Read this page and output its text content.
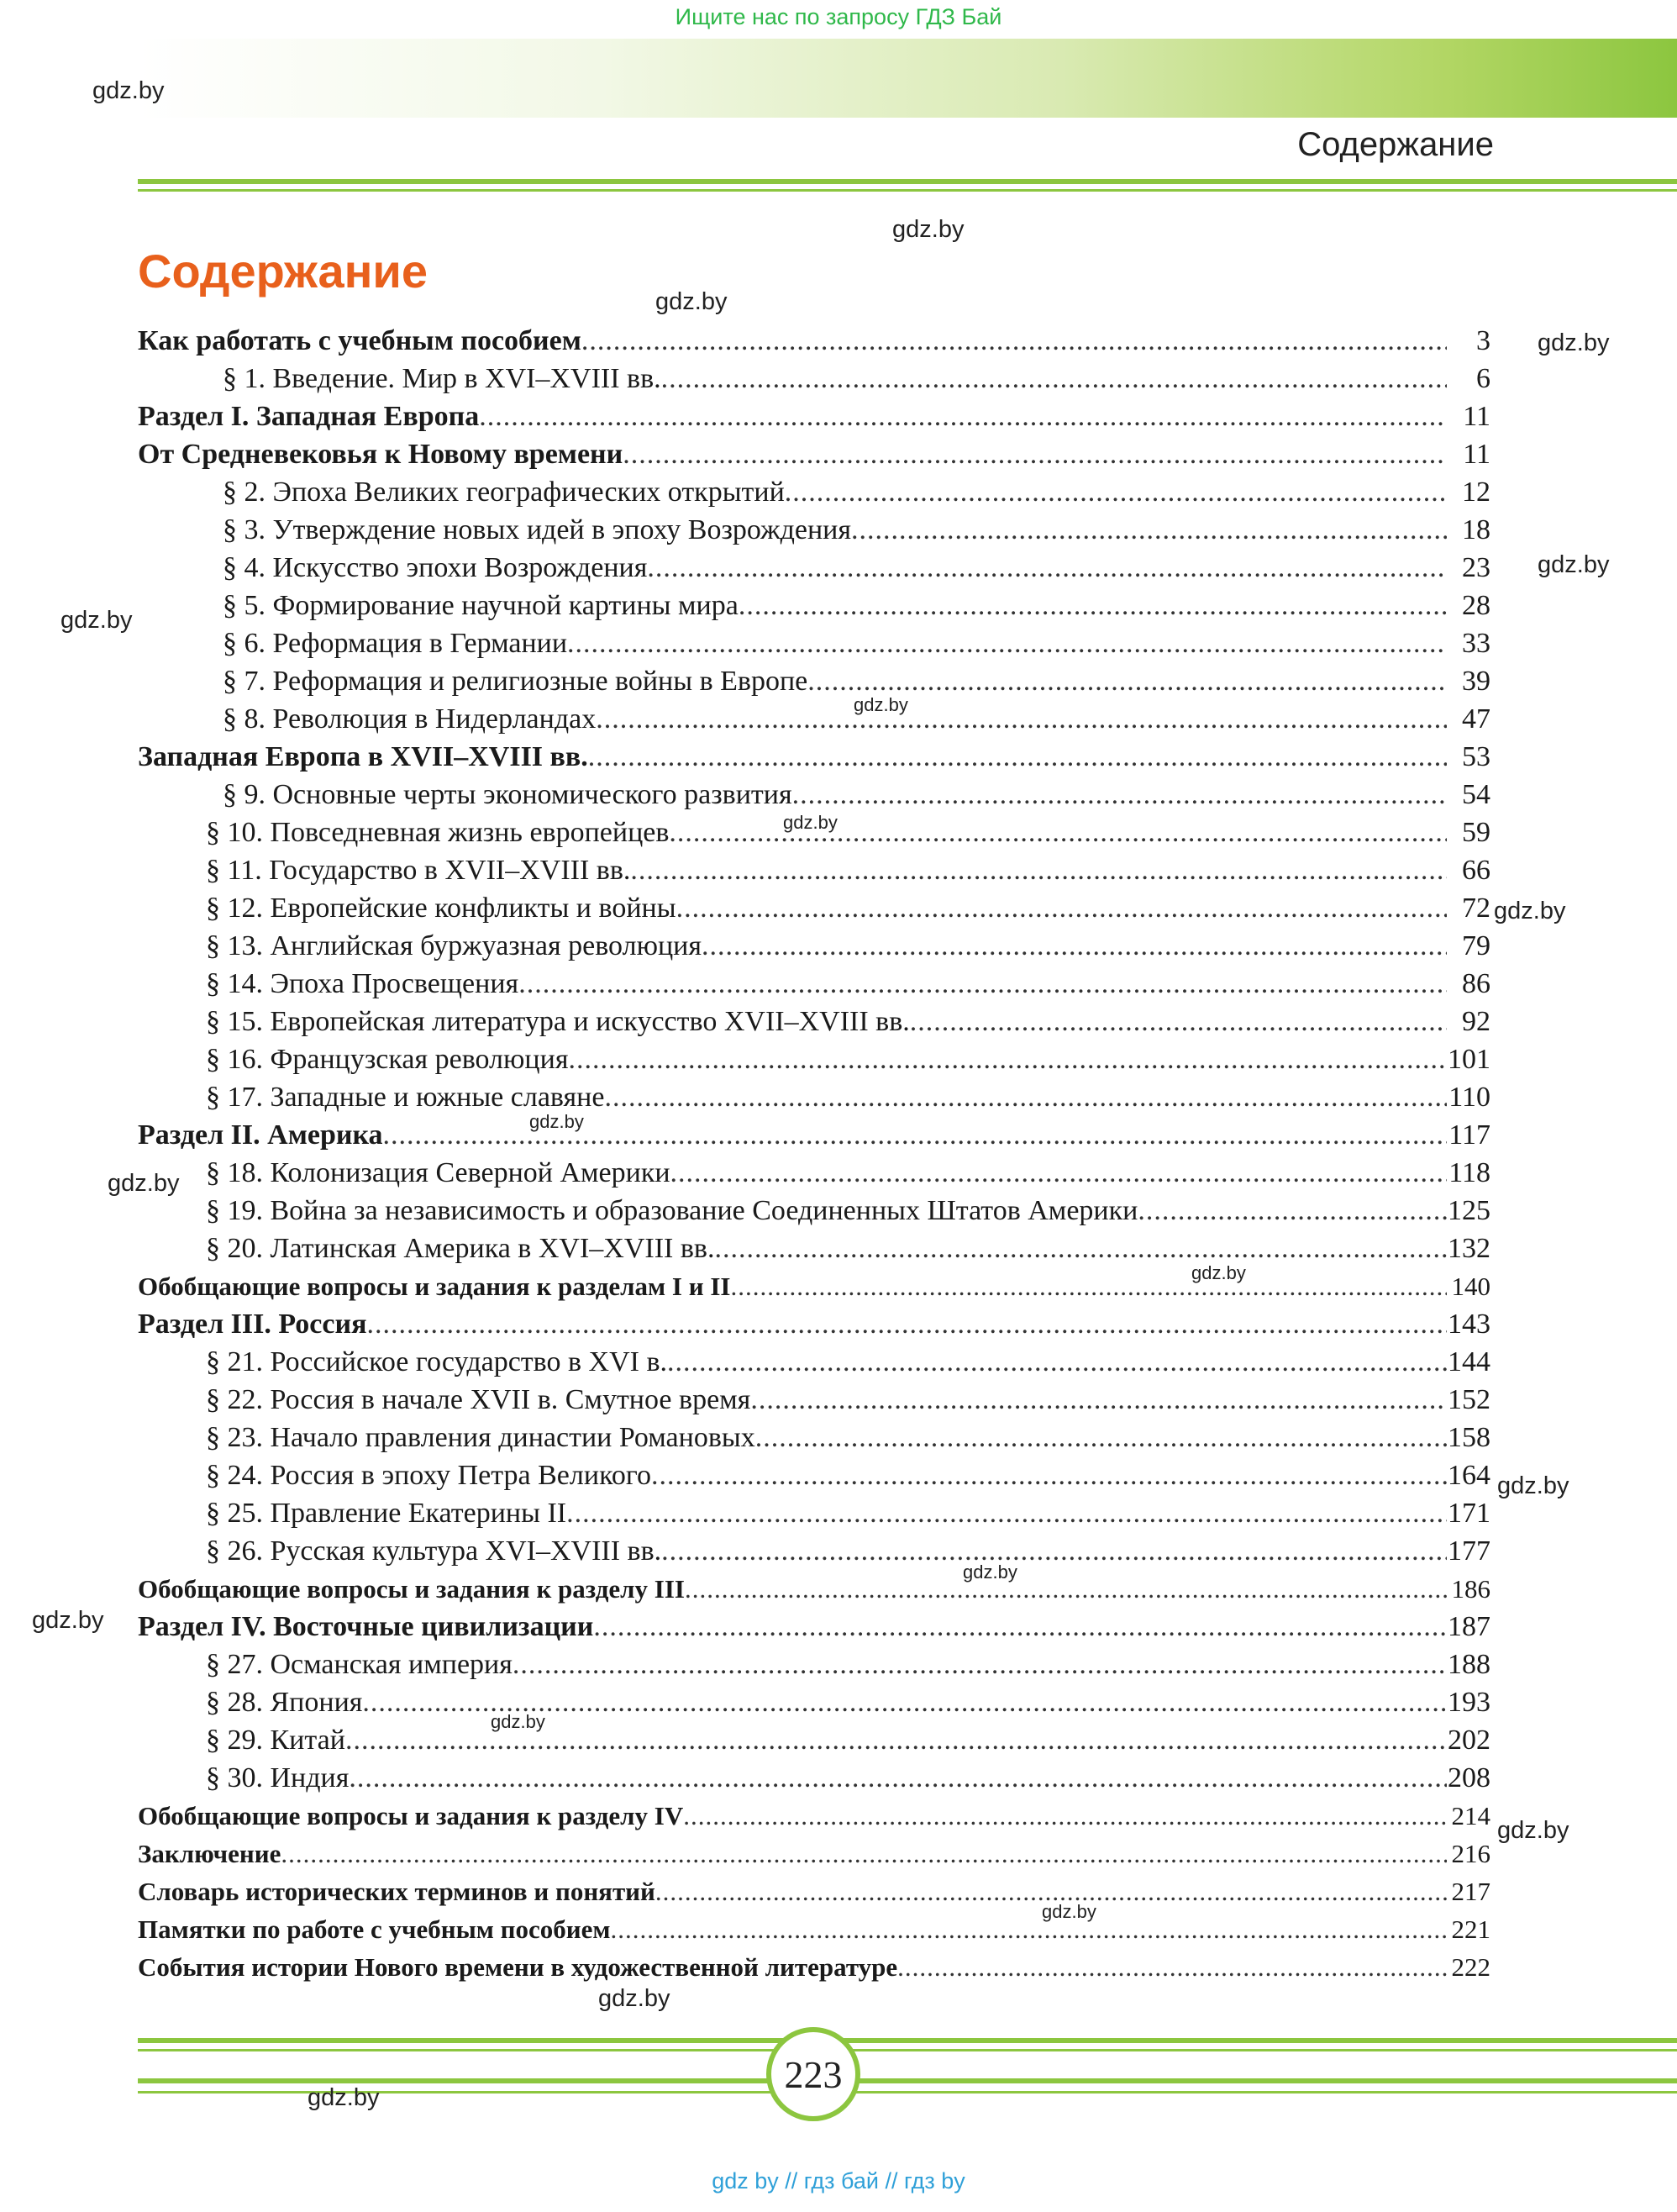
Ищите нас по запросу ГДЗ Бай
gdz.by
Содержание
gdz.by
Содержание
gdz.by
Как работать с учебным пособием .....	3
§ 1. Введение. Мир в XVI–XVIII вв. .....	6
Раздел I. Западная Европа .....	11
От Средневековья к Новому времени .....	11
§ 2. Эпоха Великих географических открытий .....	12
§ 3. Утверждение новых идей в эпоху Возрождения .....	18
§ 4. Искусство эпохи Возрождения .....	23
§ 5. Формирование научной картины мира .....	28
§ 6. Реформация в Германии .....	33
§ 7. Реформация и религиозные войны в Европе .....	39
§ 8. Революция в Нидерландах .....	47
Западная Европа в XVII–XVIII вв. .....	53
§ 9. Основные черты экономического развития .....	54
§ 10. Повседневная жизнь европейцев .....	59
§ 11. Государство в XVII–XVIII вв. .....	66
§ 12. Европейские конфликты и войны .....	72
§ 13. Английская буржуазная революция .....	79
§ 14. Эпоха Просвещения .....	86
§ 15. Европейская литература и искусство XVII–XVIII вв. .....	92
§ 16. Французская революция .....	101
§ 17. Западные и южные славяне .....	110
Раздел II. Америка .....	117
§ 18. Колонизация Северной Америки .....	118
§ 19. Война за независимость и образование Соединенных Штатов Америки .....	125
§ 20. Латинская Америка в XVI–XVIII вв. .....	132
Обобщающие вопросы и задания к разделам I и II .....	140
Раздел III. Россия .....	143
§ 21. Российское государство в XVI в. .....	144
§ 22. Россия в начале XVII в. Смутное время .....	152
§ 23. Начало правления династии Романовых .....	158
§ 24. Россия в эпоху Петра Великого .....	164
§ 25. Правление Екатерины II .....	171
§ 26. Русская культура XVI–XVIII вв. .....	177
Обобщающие вопросы и задания к разделу III .....	186
Раздел IV. Восточные цивилизации .....	187
§ 27. Османская империя .....	188
§ 28. Япония .....	193
§ 29. Китай .....	202
§ 30. Индия .....	208
Обобщающие вопросы и задания к разделу IV .....	214
Заключение .....	216
Словарь исторических терминов и понятий .....	217
Памятки по работе с учебным пособием .....	221
События истории Нового времени в художественной литературе .....	222
gdz.by
gdz.by
gdz.by
gdz.by
gdz.by
gdz.by
gdz.by
gdz.by
gdz.by
gdz.by
gdz.by
gdz.by
gdz.by
gdz.by
gdz.by
gdz.by
223
gdz.by
gdz by // гдз бай // гдз by
